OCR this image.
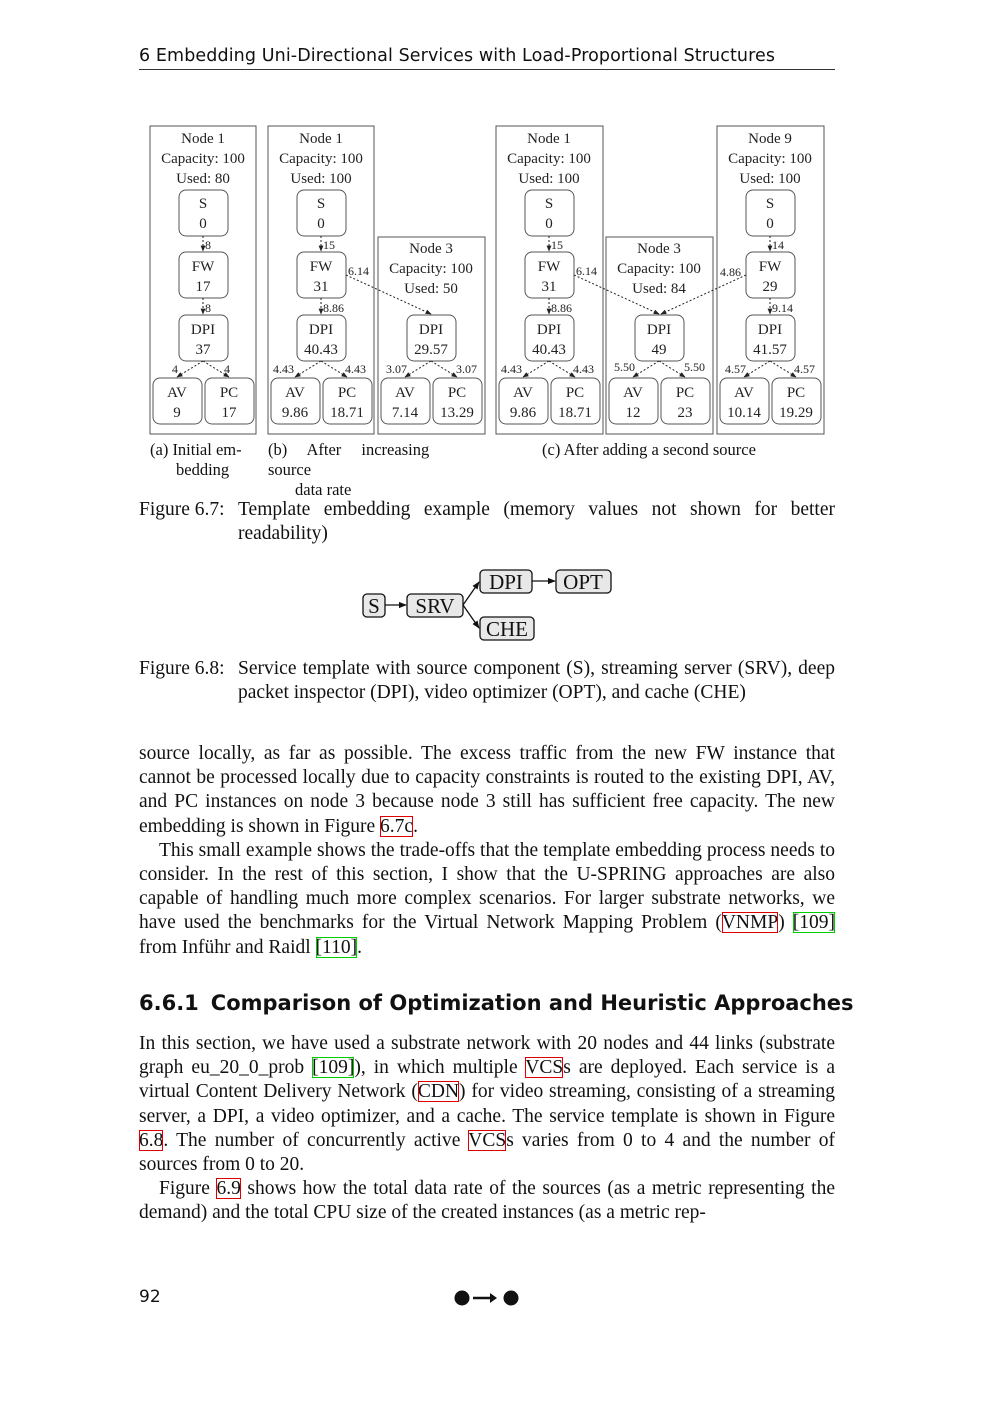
6 Embedding Uni-Directional Services with Load-Proportional Structures
Node 1
Capacity: 100
Used: 80
S
0
FW
17
DPI
37
AV
9
PC
17
8
8
4	4
Node 1
Capacity: 100
Used: 100
S
0
FW
31
DPI
40.43
AV
9.86
PC
18.71
15
8.86
6.14
4.43	4.43
Node 3
Capacity: 100
Used: 50
DPI
29.57
AV
7.14
PC
13.29
3.07	3.07
Node 1
Capacity: 100
Used: 100
S
0
FW
31
DPI
40.43
AV
9.86
PC
18.71
15
8.86
6.14
4.43	4.43
Node 3
Capacity: 100
Used: 84
DPI
49
AV
12
PC
23
5.50	5.50
Node 9
Capacity: 100
Used: 100
S
0
FW
29
DPI
41.57
AV
10.14
PC
19.29
14
9.14
4.86
4.57	4.57
(a) Initial em-
bedding
(b) After increasing source
data rate
(c) After adding a second source
Figure 6.7: Template embedding example (memory values not shown for better readability)
S SRV
DPI OPT
CHE
Figure 6.8: Service template with source component (S), streaming server (SRV), deep packet inspector (DPI), video optimizer (OPT), and cache (CHE)

source locally, as far as possible. The excess traffic from the new FW instance that cannot be processed locally due to capacity constraints is routed to the existing DPI, AV, and PC instances on node 3 because node 3 still has sufficient free capacity. The new embedding is shown in Figure 6.7c.

This small example shows the trade-offs that the template embedding process needs to consider. In the rest of this section, I show that the U-SPRING approaches are also capable of handling much more complex scenarios. For larger substrate networks, we have used the benchmarks for the Virtual Network Mapping Problem (VNMP) [109] from Inführ and Raidl [110].

6.6.1 Comparison of Optimization and Heuristic Approaches

In this section, we have used a substrate network with 20 nodes and 44 links (substrate graph eu_20_0_prob [109]), in which multiple VCSs are deployed. Each service is a virtual Content Delivery Network (CDN) for video streaming, consisting of a streaming server, a DPI, a video optimizer, and a cache. The service template is shown in Figure 6.8. The number of concurrently active VCSs varies from 0 to 4 and the number of sources from 0 to 20.

Figure 6.9 shows how the total data rate of the sources (as a metric representing the demand) and the total CPU size of the created instances (as a metric rep-

92
